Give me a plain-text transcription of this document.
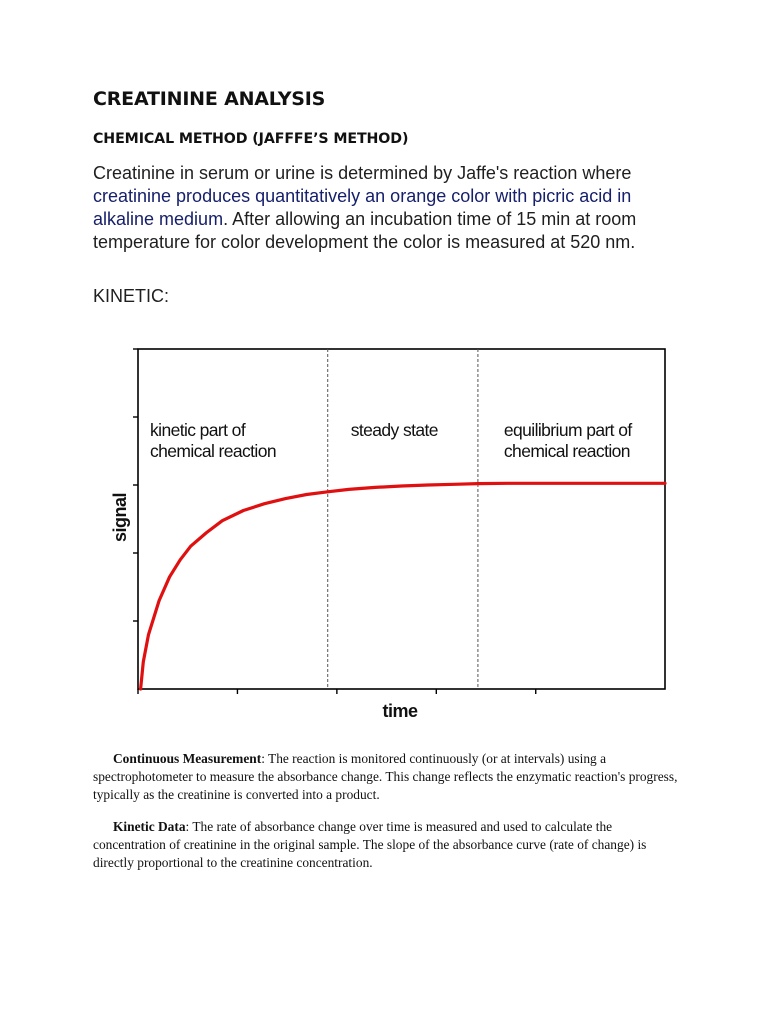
CREATININE ANALYSIS
CHEMICAL METHOD (JAFFFE’S METHOD)

Creatinine in serum or urine is determined by Jaffe's reaction where creatinine produces quantitatively an orange color with picric acid in alkaline medium. After allowing an incubation time of 15 min at room temperature for color development the color is measured at 520 nm.

KINETIC:

kinetic part of
chemical reaction
steady state	equilibrium part of
chemical reaction
time
signal

Continuous Measurement: The reaction is monitored continuously (or at intervals) using a spectrophotometer to measure the absorbance change. This change reflects the enzymatic reaction's progress, typically as the creatinine is converted into a product.

Kinetic Data: The rate of absorbance change over time is measured and used to calculate the concentration of creatinine in the original sample. The slope of the absorbance curve (rate of change) is directly proportional to the creatinine concentration.
